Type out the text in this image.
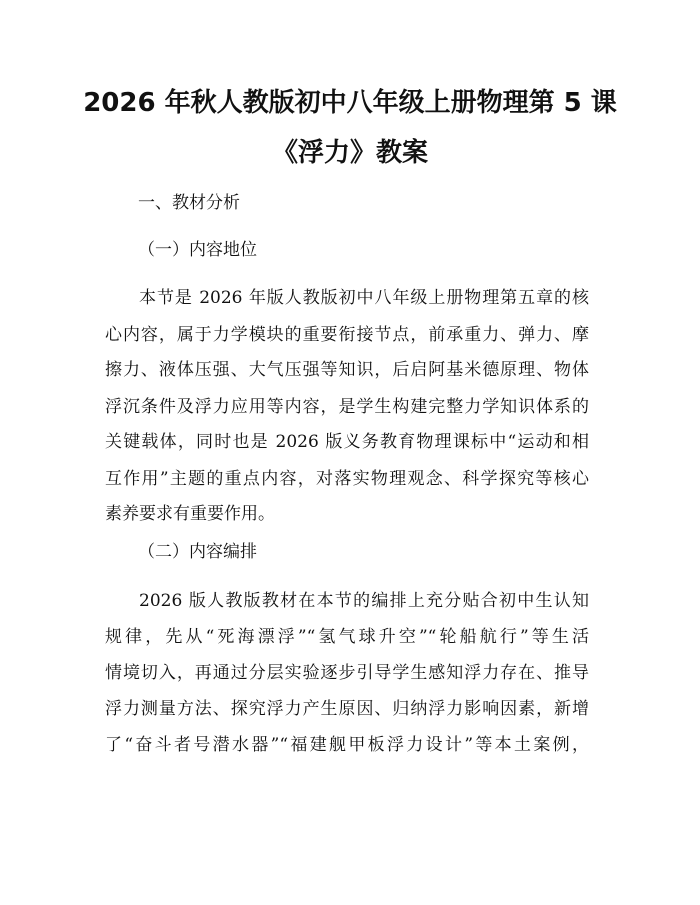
2026 年秋人教版初中八年级上册物理第 5 课
《浮力》教案
一、教材分析
（一）内容地位
本节是 2026 年版人教版初中八年级上册物理第五章的核
心内容，属于力学模块的重要衔接节点，前承重力、弹力、摩
擦力、液体压强、大气压强等知识，后启阿基米德原理、物体
浮沉条件及浮力应用等内容，是学生构建完整力学知识体系的
关键载体，同时也是 2026 版义务教育物理课标中“运动和相
互作用”主题的重点内容，对落实物理观念、科学探究等核心
素养要求有重要作用。
（二）内容编排
2026 版人教版教材在本节的编排上充分贴合初中生认知
规律，先从“死海漂浮”“氢气球升空”“轮船航行”等生活
情境切入，再通过分层实验逐步引导学生感知浮力存在、推导
浮力测量方法、探究浮力产生原因、归纳浮力影响因素，新增
了“奋斗者号潜水器”“福建舰甲板浮力设计”等本土案例，
